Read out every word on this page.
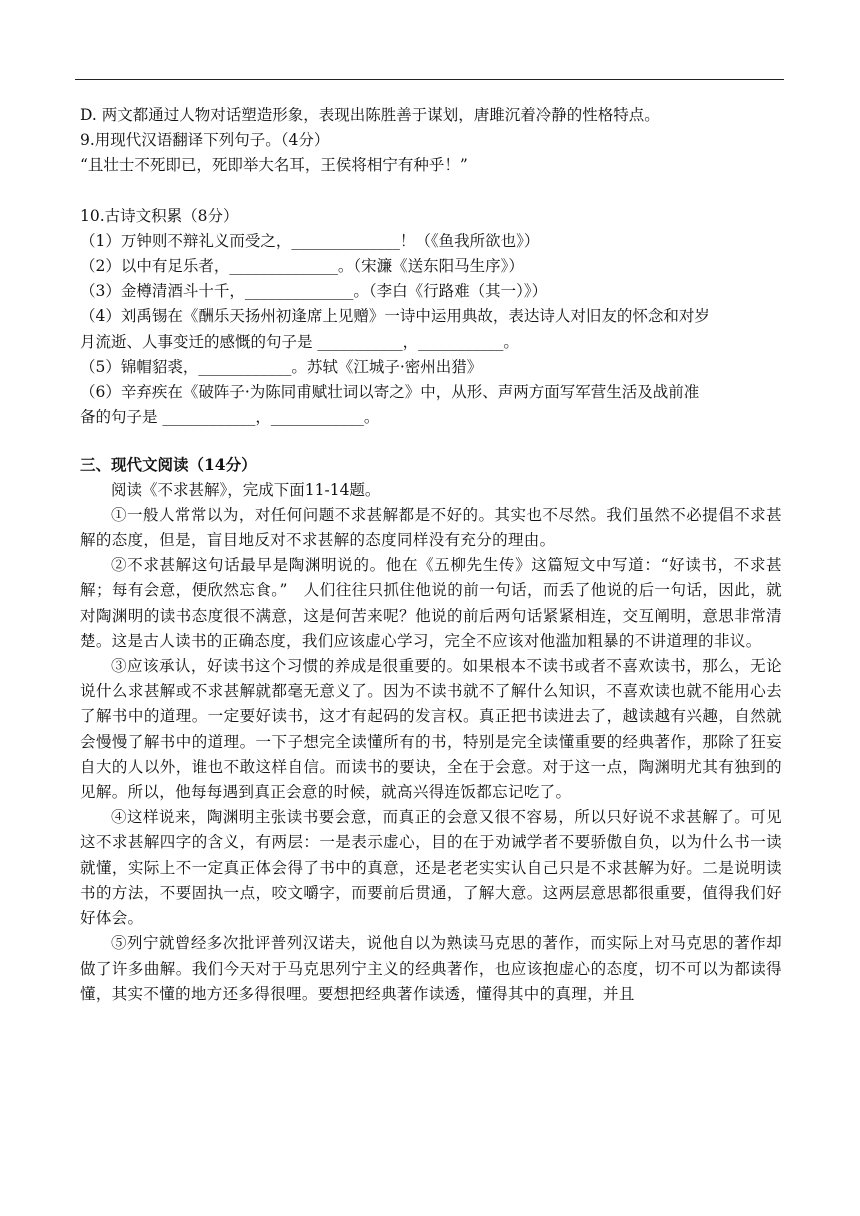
D. 两文都通过人物对话塑造形象，表现出陈胜善于谋划，唐雎沉着冷静的性格特点。

9.用现代汉语翻译下列句子。（4分）

“且壮士不死即已，死即举大名耳，王侯将相宁有种乎！”

10.古诗文积累（8分）

（1）万钟则不辩礼义而受之，______________！（《鱼我所欲也》）

（2）以中有足乐者，______________。（宋濂《送东阳马生序》）

（3）金樽清酒斗十千，______________。（李白《行路难（其一）》）

（4）刘禹锡在《酬乐天扬州初逢席上见赠》一诗中运用典故，表达诗人对旧友的怀念和对岁

月流逝、人事变迁的感慨的句子是 ___________，___________。

（5）锦帽貂裘，____________。苏轼《江城子·密州出猎》

（6）辛弃疾在《破阵子·为陈同甫赋壮词以寄之》中，从形、声两方面写军营生活及战前准

备的句子是 ____________，____________。

三、现代文阅读（14分）

阅读《不求甚解》，完成下面11-14题。

①一般人常常以为，对任何问题不求甚解都是不好的。其实也不尽然。我们虽然不必提倡不求甚解的态度，但是，盲目地反对不求甚解的态度同样没有充分的理由。

②不求甚解这句话最早是陶渊明说的。他在《五柳先生传》这篇短文中写道：“好读书，不求甚解；每有会意，便欣然忘食。”　人们往往只抓住他说的前一句话，而丢了他说的后一句话，因此，就对陶渊明的读书态度很不满意，这是何苦来呢？他说的前后两句话紧紧相连，交互阐明，意思非常清楚。这是古人读书的正确态度，我们应该虚心学习，完全不应该对他滥加粗暴的不讲道理的非议。

③应该承认，好读书这个习惯的养成是很重要的。如果根本不读书或者不喜欢读书，那么，无论说什么求甚解或不求甚解就都毫无意义了。因为不读书就不了解什么知识，不喜欢读也就不能用心去了解书中的道理。一定要好读书，这才有起码的发言权。真正把书读进去了，越读越有兴趣，自然就会慢慢了解书中的道理。一下子想完全读懂所有的书，特别是完全读懂重要的经典著作，那除了狂妄自大的人以外，谁也不敢这样自信。而读书的要诀，全在于会意。对于这一点，陶渊明尤其有独到的见解。所以，他每每遇到真正会意的时候，就高兴得连饭都忘记吃了。

④这样说来，陶渊明主张读书要会意，而真正的会意又很不容易，所以只好说不求甚解了。可见这不求甚解四字的含义，有两层：一是表示虚心，目的在于劝诫学者不要骄傲自负，以为什么书一读就懂，实际上不一定真正体会得了书中的真意，还是老老实实认自己只是不求甚解为好。二是说明读书的方法，不要固执一点，咬文嚼字，而要前后贯通，了解大意。这两层意思都很重要，值得我们好好体会。

⑤列宁就曾经多次批评普列汉诺夫，说他自以为熟读马克思的著作，而实际上对马克思的著作却做了许多曲解。我们今天对于马克思列宁主义的经典著作，也应该抱虚心的态度，切不可以为都读得懂，其实不懂的地方还多得很哩。要想把经典著作读透，懂得其中的真理，并且
